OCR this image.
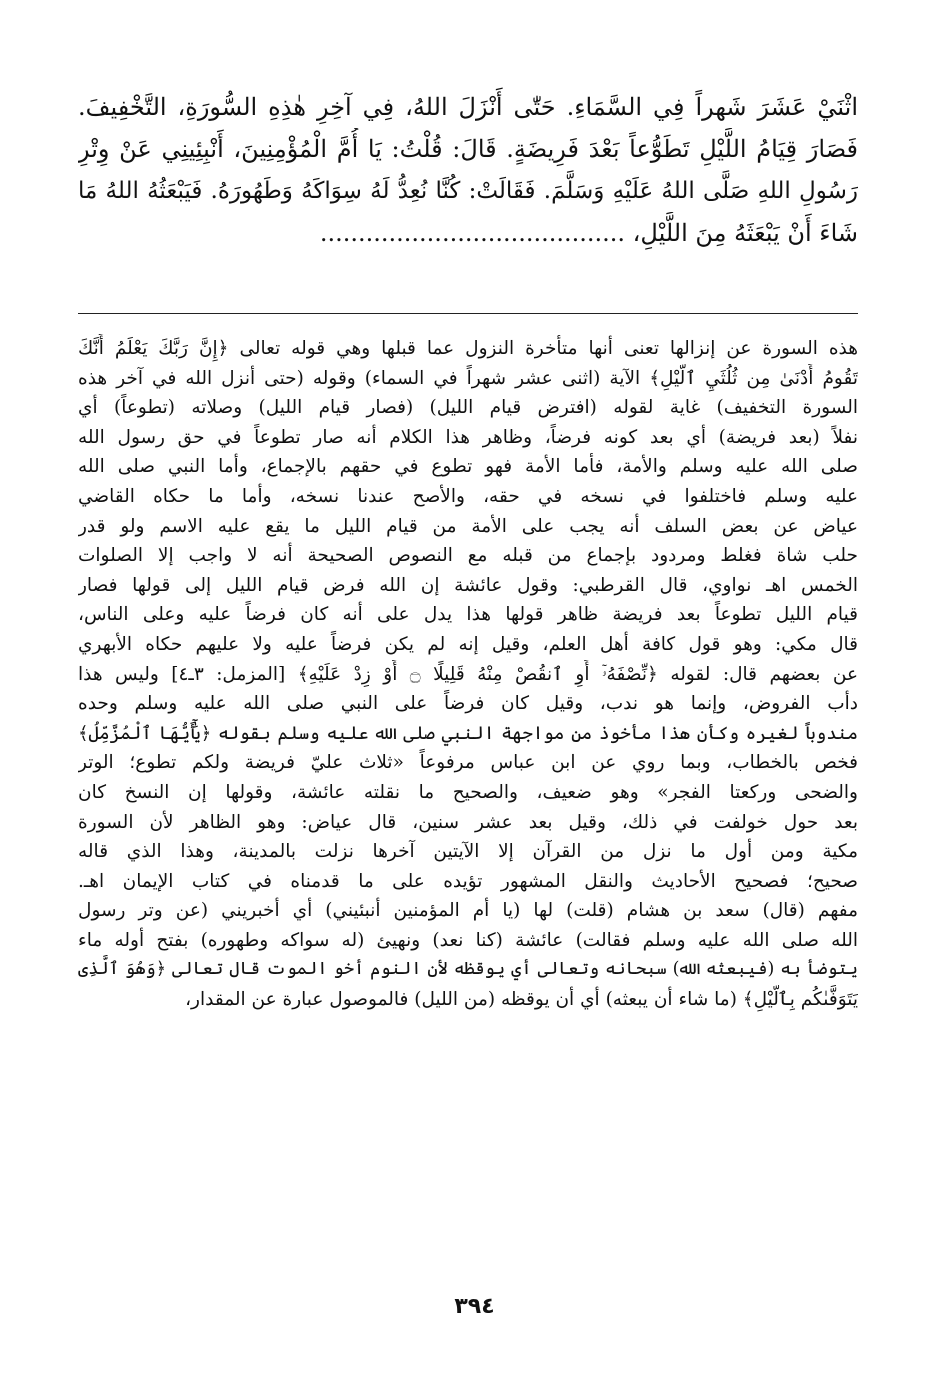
اثْنَيْ عَشَرَ شَهراً فِي السَّمَاءِ. حَتّٰى أَنْزَلَ اللهُ، فِي آخِرِ هٰذِهِ السُّورَةِ، التَّخْفِيفَ.
فَصَارَ قِيَامُ اللَّيْلِ تَطَوُّعاً بَعْدَ فَرِيضَةٍ. قَالَ: قُلْتُ: يَا أُمَّ الْمُؤْمِنِينَ، أَنْبِئِينِي عَنْ وِتْرِ
رَسُولِ اللهِ صَلَّى اللهُ عَلَيْهِ وَسَلَّمَ. فَقَالَتْ: كُنَّا نُعِدُّ لَهُ سِوَاكَهُ وَطَهُورَهُ. فَيَبْعَثُهُ اللهُ مَا
شَاءَ أَنْ يَبْعَثَهُ مِنَ اللَّيْلِ، ........................................
هذه السورة عن إنزالها تعنى أنها متأخرة النزول عما قبلها وهي قوله تعالى ﴿إِنَّ رَبَّكَ يَعْلَمُ أَنَّكَ
تَقُومُ أَدْنَىٰ مِن ثُلُثَيِ ٱلَّيْلِ﴾ الآية (اثنى عشر شهراً في السماء) وقوله (حتى أنزل الله في آخر هذه
السورة التخفيف) غاية لقوله (افترض قيام الليل) (فصار قيام الليل) وصلاته (تطوعاً) أي
نفلاً (بعد فريضة) أي بعد كونه فرضاً، وظاهر هذا الكلام أنه صار تطوعاً في حق رسول الله
صلى الله عليه وسلم والأمة، فأما الأمة فهو تطوع في حقهم بالإجماع، وأما النبي صلى الله
عليه وسلم فاختلفوا في نسخه في حقه، والأصح عندنا نسخه، وأما ما حكاه القاضي
عياض عن بعض السلف أنه يجب على الأمة من قيام الليل ما يقع عليه الاسم ولو قدر
حلب شاة فغلط ومردود بإجماع من قبله مع النصوص الصحيحة أنه لا واجب إلا الصلوات
الخمس اهـ نواوي، قال القرطبي: وقول عائشة إن الله فرض قيام الليل إلى قولها فصار
قيام الليل تطوعاً بعد فريضة ظاهر قولها هذا يدل على أنه كان فرضاً عليه وعلى الناس،
قال مكي: وهو قول كافة أهل العلم، وقيل إنه لم يكن فرضاً عليه ولا عليهم حكاه الأبهري
عن بعضهم قال: لقوله ﴿نِّصْفَهُۥٓ أَوِ ٱنقُصْ مِنْهُ قَلِيلًا ۝ أَوْ زِدْ عَلَيْهِ﴾ [المزمل: ٣ـ٤] وليس هذا
دأب الفروض، وإنما هو ندب، وقيل كان فرضاً على النبي صلى الله عليه وسلم وحده
مندوباً لغيره وكأن هذا مأخوذ من مواجهة النبي صلى الله عليه وسلم بقوله ﴿يَٰٓأَيُّهَا ٱلْمُزَّمِّلُ﴾
فخص بالخطاب، وبما روي عن ابن عباس مرفوعاً «ثلاث عليّ فريضة ولكم تطوع؛ الوتر
والضحى وركعتا الفجر» وهو ضعيف، والصحيح ما نقلته عائشة، وقولها إن النسخ كان
بعد حول خولفت في ذلك، وقيل بعد عشر سنين، قال عياض: وهو الظاهر لأن السورة
مكية ومن أول ما نزل من القرآن إلا الآيتين آخرها نزلت بالمدينة، وهذا الذي قاله
صحيح؛ فصحيح الأحاديث والنقل المشهور تؤيده على ما قدمناه في كتاب الإيمان اهـ.
مفهم (قال) سعد بن هشام (قلت) لها (يا أم المؤمنين أنبئيني) أي أخبريني (عن وتر رسول
الله صلى الله عليه وسلم فقالت) عائشة (كنا نعد) ونهيئ (له سواكه وطهوره) بفتح أوله ماء
يتوضأ به (فيبعثه الله) سبحانه وتعالى أي يوقظه لأن النوم أخو الموت قال تعالى ﴿وَهُوَ ٱلَّذِى
يَتَوَفَّىٰكُم بِٱلَّيْلِ﴾ (ما شاء أن يبعثه) أي أن يوقظه (من الليل) فالموصول عبارة عن المقدار،
٣٩٤
